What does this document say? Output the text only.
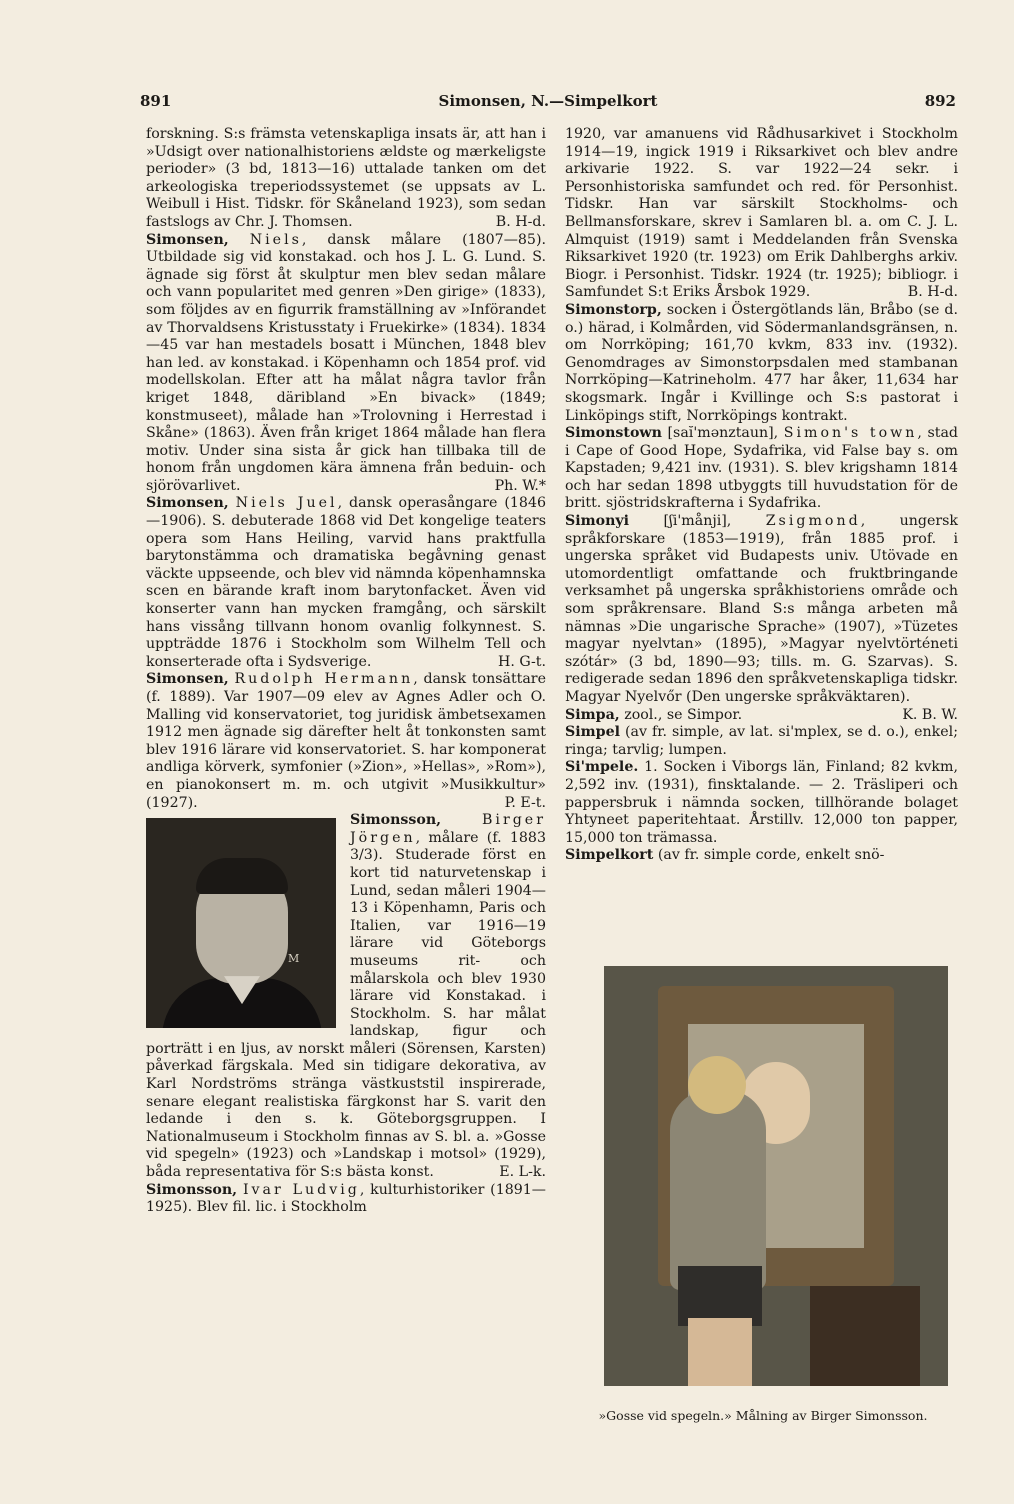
891	Simonsen, N.—Simpelkort	892

forskning. S:s främsta vetenskapliga insats är, att han i »Udsigt over nationalhistoriens ældste og mærkeligste perioder» (3 bd, 1813—16) uttalade tanken om det arkeologiska treperiodssystemet (se uppsats av L. Weibull i Hist. Tidskr. för Skåneland 1923), som sedan fastslogs av Chr. J. Thomsen.	B. H-d.

Simonsen, Niels, dansk målare (1807—85). Utbildade sig vid konstakad. och hos J. L. G. Lund. S. ägnade sig först åt skulptur men blev sedan målare och vann popularitet med genren »Den girige» (1833), som följdes av en figurrik framställning av »Införandet av Thorvaldsens Kristusstaty i Fruekirke» (1834). 1834—45 var han mestadels bosatt i München, 1848 blev han led. av konstakad. i Köpenhamn och 1854 prof. vid modellskolan. Efter att ha målat några tavlor från kriget 1848, däribland »En bivack» (1849; konstmuseet), målade han »Trolovning i Herrestad i Skåne» (1863). Även från kriget 1864 målade han flera motiv. Under sina sista år gick han tillbaka till de honom från ungdomen kära ämnena från beduin- och sjörövarlivet.	Ph. W.*

Simonsen, Niels Juel, dansk operasångare (1846—1906). S. debuterade 1868 vid Det kongelige teaters opera som Hans Heiling, varvid hans praktfulla barytonstämma och dramatiska begåvning genast väckte uppseende, och blev vid nämnda köpenhamnska scen en bärande kraft inom barytonfacket. Även vid konserter vann han mycken framgång, och särskilt hans vissång tillvann honom ovanlig folkynnest. S. uppträdde 1876 i Stockholm som Wilhelm Tell och konserterade ofta i Sydsverige.	H. G-t.

Simonsen, Rudolph Hermann, dansk tonsättare (f. 1889). Var 1907—09 elev av Agnes Adler och O. Malling vid konservatoriet, tog juridisk ämbetsexamen 1912 men ägnade sig därefter helt åt tonkonsten samt blev 1916 lärare vid konservatoriet. S. har komponerat andliga körverk, symfonier (»Zion», »Hellas», »Rom»), en pianokonsert m. m. och utgivit »Musikkultur» (1927).	P. E-t.

M

Simonsson,	Birger Jörgen, målare (f. 1883 3/3). Studerade först en kort tid naturvetenskap i Lund, sedan måleri 1904—13 i Köpenhamn, Paris och Italien, var 1916—19 lärare vid Göteborgs museums rit- och målarskola och blev 1930 lärare vid Konstakad. i Stockholm. S. har målat landskap, figur och porträtt i en ljus, av norskt måleri (Sörensen, Karsten) påverkad färgskala. Med sin tidigare dekorativa, av Karl Nordströms stränga västkuststil inspirerade, senare elegant realistiska färgkonst har S. varit den ledande i den s. k. Göteborgsgruppen. I Nationalmuseum i Stockholm finnas av S. bl. a. »Gosse vid spegeln» (1923) och »Landskap i motsol» (1929), båda representativa för S:s bästa konst.	E. L-k.

Simonsson, Ivar Ludvig, kulturhistoriker (1891—1925). Blev fil. lic. i Stockholm

1920, var amanuens vid Rådhusarkivet i Stockholm 1914—19, ingick 1919 i Riksarkivet och blev andre arkivarie 1922. S. var 1922—24 sekr. i Personhistoriska samfundet och red. för Personhist. Tidskr. Han var särskilt Stockholms- och Bellmansforskare, skrev i Samlaren bl. a. om C. J. L. Almquist (1919) samt i Meddelanden från Svenska Riksarkivet 1920 (tr. 1923) om Erik Dahlberghs arkiv. Biogr. i Personhist. Tidskr. 1924 (tr. 1925); bibliogr. i Samfundet S:t Eriks Årsbok 1929.	B. H-d.

Simonstorp, socken i Östergötlands län, Bråbo (se d. o.) härad, i Kolmården, vid Södermanlandsgränsen, n. om Norrköping; 161,70 kvkm, 833 inv. (1932). Genomdrages av Simonstorpsdalen med stambanan Norrköping—Katrineholm. 477 har åker, 11,634 har skogsmark. Ingår i Kvillinge och S:s pastorat i Linköpings stift, Norrköpings kontrakt.

Simonstown [saĭ'mənztaun], Simon's town, stad i Cape of Good Hope, Sydafrika, vid False bay s. om Kapstaden; 9,421 inv. (1931). S. blev krigshamn 1814 och har sedan 1898 utbyggts till huvudstation för de britt. sjöstridskrafterna i Sydafrika.

Simonyi [ʃi'månji], Zsigmond, ungersk språkforskare (1853—1919), från 1885 prof. i ungerska språket vid Budapests univ. Utövade en utomordentligt omfattande och fruktbringande verksamhet på ungerska språkhistoriens område och som språkrensare. Bland S:s många arbeten må nämnas »Die ungarische Sprache» (1907), »Tüzetes magyar nyelvtan» (1895), »Magyar nyelvtörténeti szótár» (3 bd, 1890—93; tills. m. G. Szarvas). S. redigerade sedan 1896 den språkvetenskapliga tidskr. Magyar Nyelvőr (Den ungerske språkväktaren).
K. B. W.

Simpa, zool., se Simpor.

Simpel (av fr. simple, av lat. si'mplex, se d. o.), enkel; ringa; tarvlig; lumpen.

Si'mpele. 1. Socken i Viborgs län, Finland; 82 kvkm, 2,592 inv. (1931), finsktalande. — 2. Träsliperi och pappersbruk i nämnda socken, tillhörande bolaget Yhtyneet paperitehtaat. Årstillv. 12,000 ton papper, 15,000 ton trämassa.

Simpelkort (av fr. simple corde, enkelt snö-

»Gosse vid spegeln.» Målning av Birger Simonsson.
